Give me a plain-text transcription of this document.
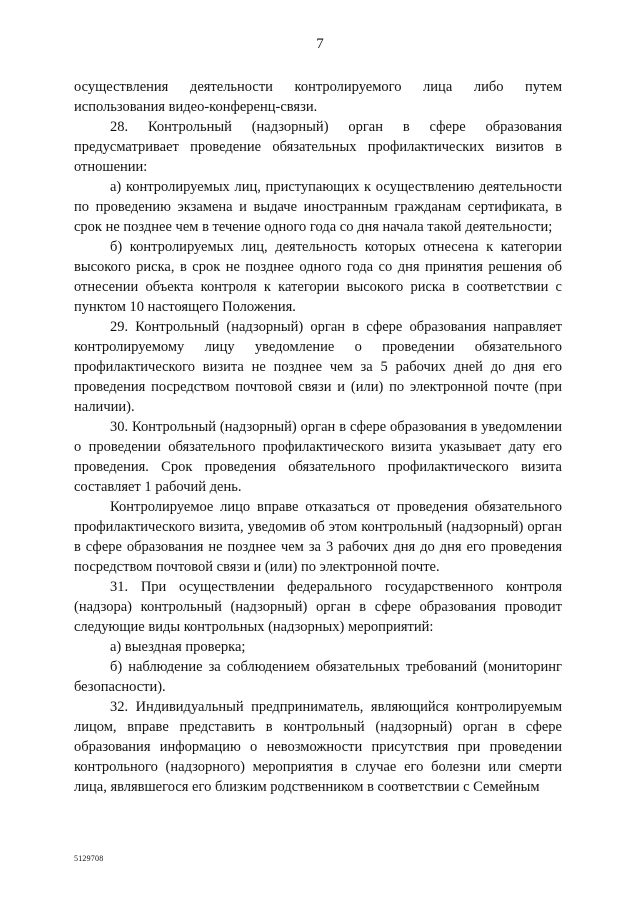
7

осуществления деятельности контролируемого лица либо путем использования видео-конференц-связи.

28. Контрольный (надзорный) орган в сфере образования предусматривает проведение обязательных профилактических визитов в отношении:

а) контролируемых лиц, приступающих к осуществлению деятельности по проведению экзамена и выдаче иностранным гражданам сертификата, в срок не позднее чем в течение одного года со дня начала такой деятельности;

б) контролируемых лиц, деятельность которых отнесена к категории высокого риска, в срок не позднее одного года со дня принятия решения об отнесении объекта контроля к категории высокого риска в соответствии с пунктом 10 настоящего Положения.

29. Контрольный (надзорный) орган в сфере образования направляет контролируемому лицу уведомление о проведении обязательного профилактического визита не позднее чем за 5 рабочих дней до дня его проведения посредством почтовой связи и (или) по электронной почте (при наличии).

30. Контрольный (надзорный) орган в сфере образования в уведомлении о проведении обязательного профилактического визита указывает дату его проведения. Срок проведения обязательного профилактического визита составляет 1 рабочий день.

Контролируемое лицо вправе отказаться от проведения обязательного профилактического визита, уведомив об этом контрольный (надзорный) орган в сфере образования не позднее чем за 3 рабочих дня до дня его проведения посредством почтовой связи и (или) по электронной почте.

31. При осуществлении федерального государственного контроля (надзора) контрольный (надзорный) орган в сфере образования проводит следующие виды контрольных (надзорных) мероприятий:

а) выездная проверка;

б) наблюдение за соблюдением обязательных требований (мониторинг безопасности).

32. Индивидуальный предприниматель, являющийся контролируемым лицом, вправе представить в контрольный (надзорный) орган в сфере образования информацию о невозможности присутствия при проведении контрольного (надзорного) мероприятия в случае его болезни или смерти лица, являвшегося его близким родственником в соответствии с Семейным

5129708
